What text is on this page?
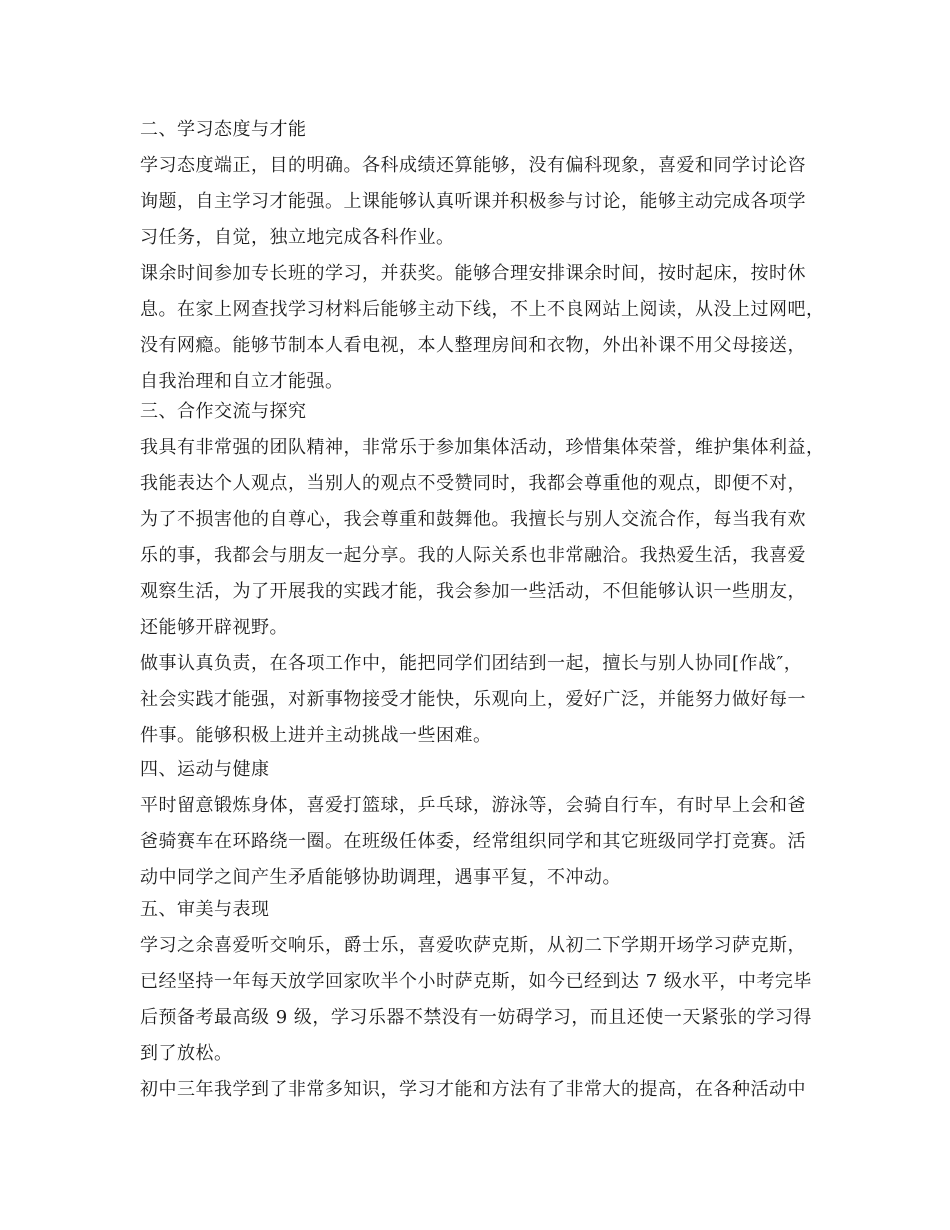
二、学习态度与才能
学习态度端正，目的明确。各科成绩还算能够，没有偏科现象，喜爱和同学讨论咨
询题，自主学习才能强。上课能够认真听课并积极参与讨论，能够主动完成各项学
习任务，自觉，独立地完成各科作业。
课余时间参加专长班的学习，并获奖。能够合理安排课余时间，按时起床，按时休
息。在家上网查找学习材料后能够主动下线，不上不良网站上阅读，从没上过网吧，
没有网瘾。能够节制本人看电视，本人整理房间和衣物，外出补课不用父母接送，
自我治理和自立才能强。
三、合作交流与探究
我具有非常强的团队精神，非常乐于参加集体活动，珍惜集体荣誉，维护集体利益，
我能表达个人观点，当别人的观点不受赞同时，我都会尊重他的观点，即便不对，
为了不损害他的自尊心，我会尊重和鼓舞他。我擅长与别人交流合作，每当我有欢
乐的事，我都会与朋友一起分享。我的人际关系也非常融洽。我热爱生活，我喜爱
观察生活，为了开展我的实践才能，我会参加一些活动，不但能够认识一些朋友，
还能够开辟视野。
做事认真负责，在各项工作中，能把同学们团结到一起，擅长与别人协同[作战″，
社会实践才能强，对新事物接受才能快，乐观向上，爱好广泛，并能努力做好每一
件事。能够积极上进并主动挑战一些困难。
四、运动与健康
平时留意锻炼身体，喜爱打篮球，乒乓球，游泳等，会骑自行车，有时早上会和爸
爸骑赛车在环路绕一圈。在班级任体委，经常组织同学和其它班级同学打竞赛。活
动中同学之间产生矛盾能够协助调理，遇事平复，不冲动。
五、审美与表现
学习之余喜爱听交响乐，爵士乐，喜爱吹萨克斯，从初二下学期开场学习萨克斯，
已经坚持一年每天放学回家吹半个小时萨克斯，如今已经到达 7 级水平，中考完毕
后预备考最高级 9 级，学习乐器不禁没有一妨碍学习，而且还使一天紧张的学习得
到了放松。
初中三年我学到了非常多知识，学习才能和方法有了非常大的提高，在各种活动中
